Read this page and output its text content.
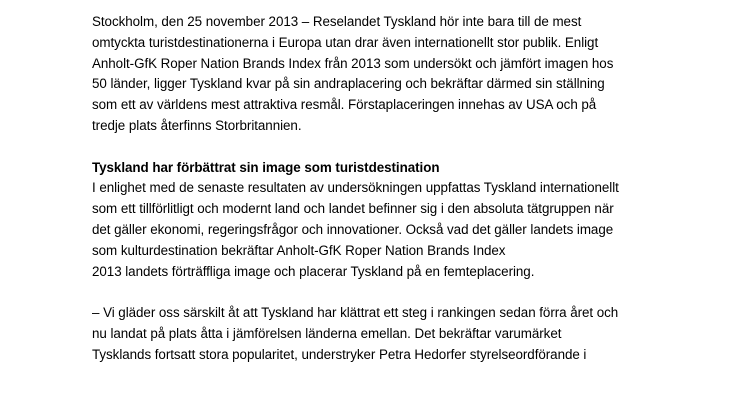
Stockholm, den 25 november 2013 – Reselandet Tyskland hör inte bara till de mest
omtyckta turistdestinationerna i Europa utan drar även internationellt stor publik. Enligt
Anholt-GfK Roper Nation Brands Index från 2013 som undersökt och jämfört imagen hos
50 länder, ligger Tyskland kvar på sin andraplacering och bekräftar därmed sin ställning
som ett av världens mest attraktiva resmål. Förstaplaceringen innehas av USA och på
tredje plats återfinns Storbritannien.
Tyskland har förbättrat sin image som turistdestination
I enlighet med de senaste resultaten av undersökningen uppfattas Tyskland internationellt
som ett tillförlitligt och modernt land och landet befinner sig i den absoluta tätgruppen när
det gäller ekonomi, regeringsfrågor och innovationer. Också vad det gäller landets image
som kulturdestination bekräftar Anholt-GfK Roper Nation Brands Index
2013 landets förträffliga image och placerar Tyskland på en femteplacering.
– Vi gläder oss särskilt åt att Tyskland har klättrat ett steg i rankingen sedan förra året och
nu landat på plats åtta i jämförelsen länderna emellan. Det bekräftar varumärket
Tysklands fortsatt stora popularitet, understryker Petra Hedorfer styrelseordförande i
